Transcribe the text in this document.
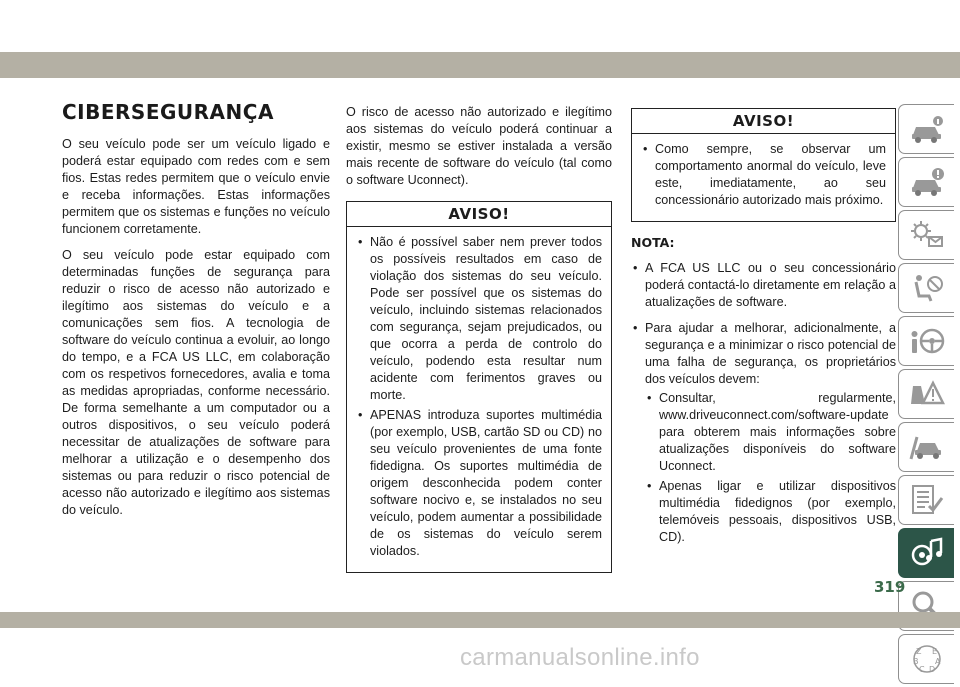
CIBERSEGURANÇA

O seu veículo pode ser um veículo ligado e poderá estar equipado com redes com e sem fios. Estas redes permitem que o veículo envie e receba informações. Estas informações permitem que os sistemas e funções no veículo funcionem corretamente.

O seu veículo pode estar equipado com determinadas funções de segurança para reduzir o risco de acesso não autorizado e ilegítimo aos sistemas do veículo e a comunicações sem fios. A tecnologia de software do veículo continua a evoluir, ao longo do tempo, e a FCA US LLC, em colaboração com os respetivos fornecedores, avalia e toma as medidas apropriadas, conforme necessário. De forma semelhante a um computador ou a outros dispositivos, o seu veículo poderá necessitar de atualizações de software para melhorar a utilização e o desempenho dos sistemas ou para reduzir o risco potencial de acesso não autorizado e ilegítimo aos sistemas do veículo.

O risco de acesso não autorizado e ilegítimo aos sistemas do veículo poderá continuar a existir, mesmo se estiver instalada a versão mais recente de software do veículo (tal como o software Uconnect).

AVISO!
• Não é possível saber nem prever todos os possíveis resultados em caso de violação dos sistemas do seu veículo. Pode ser possível que os sistemas do veículo, incluindo sistemas relacionados com segurança, sejam prejudicados, ou que ocorra a perda de controlo do veículo, podendo esta resultar num acidente com ferimentos graves ou morte.
• APENAS introduza suportes multimédia (por exemplo, USB, cartão SD ou CD) no seu veículo provenientes de uma fonte fidedigna. Os suportes multimédia de origem desconhecida podem conter software nocivo e, se instalados no seu veículo, podem aumentar a possibilidade de os sistemas do veículo serem violados.
AVISO!
• Como sempre, se observar um comportamento anormal do veículo, leve este, imediatamente, ao seu concessionário autorizado mais próximo.
NOTA:
• A FCA US LLC ou o seu concessionário poderá contactá-lo diretamente em relação a atualizações de software.
• Para ajudar a melhorar, adicionalmente, a segurança e a minimizar o risco potencial de uma falha de segurança, os proprietários dos veículos devem:
• Consultar, regularmente, www.driveuconnect.com/software-update para obterem mais informações sobre atualizações disponíveis do software Uconnect.
• Apenas ligar e utilizar dispositivos multimédia fidedignos (por exemplo, telemóveis pessoais, dispositivos USB, CD).
Z E
B A
C D
319
carmanualsonline.info
